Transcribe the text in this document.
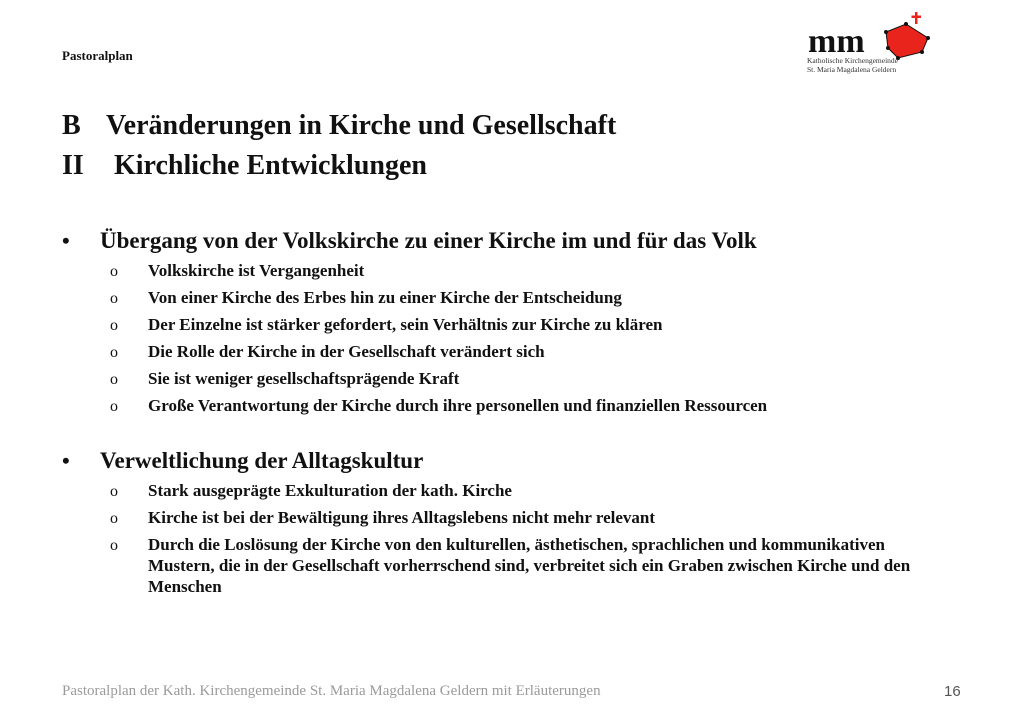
Pastoralplan	mm
Katholische Kirchengemeinde
St. Maria Magdalena Geldern
B Veränderungen in Kirche und Gesellschaft
II Kirchliche Entwicklungen
•	Übergang von der Volkskirche zu einer Kirche im und für das Volk
o	Volkskirche ist Vergangenheit
o	Von einer Kirche des Erbes hin zu einer Kirche der Entscheidung
o	Der Einzelne ist stärker gefordert, sein Verhältnis zur Kirche zu klären
o	Die Rolle der Kirche in der Gesellschaft verändert sich
o	Sie ist weniger gesellschaftsprägende Kraft
o	Große Verantwortung der Kirche durch ihre personellen und finanziellen Ressourcen
•	Verweltlichung der Alltagskultur
o	Stark ausgeprägte Exkulturation der kath. Kirche
o	Kirche ist bei der Bewältigung ihres Alltagslebens nicht mehr relevant
o	Durch die Loslösung der Kirche von den kulturellen, ästhetischen, sprachlichen und kommunikativen Mustern, die in der Gesellschaft vorherrschend sind, verbreitet sich ein Graben zwischen Kirche und den Menschen
Pastoralplan der Kath. Kirchengemeinde St. Maria Magdalena Geldern mit Erläuterungen	16
